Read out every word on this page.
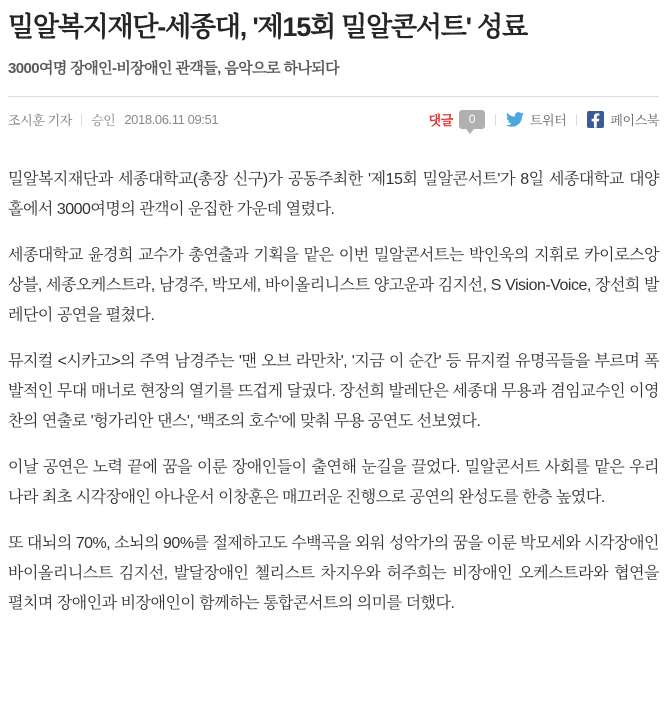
밀알복지재단-세종대, '제15회 밀알콘서트' 성료
3000여명 장애인-비장애인 관객들, 음악으로 하나되다
조시훈 기자 승인 2018.06.11 09:51	댓글	0	트위터	페이스북

밀알복지재단과 세종대학교(총장 신구)가 공동주최한 '제15회 밀알콘서트'가 8일 세종대학교 대양홀에서 3000여명의 관객이 운집한 가운데 열렸다.

세종대학교 윤경희 교수가 총연출과 기획을 맡은 이번 밀알콘서트는 박인욱의 지휘로 카이로스앙상블, 세종오케스트라, 남경주, 박모세, 바이올리니스트 양고운과 김지선, S Vision-Voice, 장선희 발레단이 공연을 펼쳤다.

뮤지컬 <시카고>의 주역 남경주는 '맨 오브 라만차', '지금 이 순간' 등 뮤지컬 유명곡들을 부르며 폭발적인 무대 매너로 현장의 열기를 뜨겁게 달궜다. 장선희 발레단은 세종대 무용과 겸임교수인 이영찬의 연출로 '헝가리안 댄스', '백조의 호수'에 맞춰 무용 공연도 선보였다.

이날 공연은 노력 끝에 꿈을 이룬 장애인들이 출연해 눈길을 끌었다. 밀알콘서트 사회를 맡은 우리나라 최초 시각장애인 아나운서 이창훈은 매끄러운 진행으로 공연의 완성도를 한층 높였다.

또 대뇌의 70%, 소뇌의 90%를 절제하고도 수백곡을 외워 성악가의 꿈을 이룬 박모세와 시각장애인 바이올리니스트 김지선, 발달장애인 첼리스트 차지우와 허주희는 비장애인 오케스트라와 협연을 펼치며 장애인과 비장애인이 함께하는 통합콘서트의 의미를 더했다.
